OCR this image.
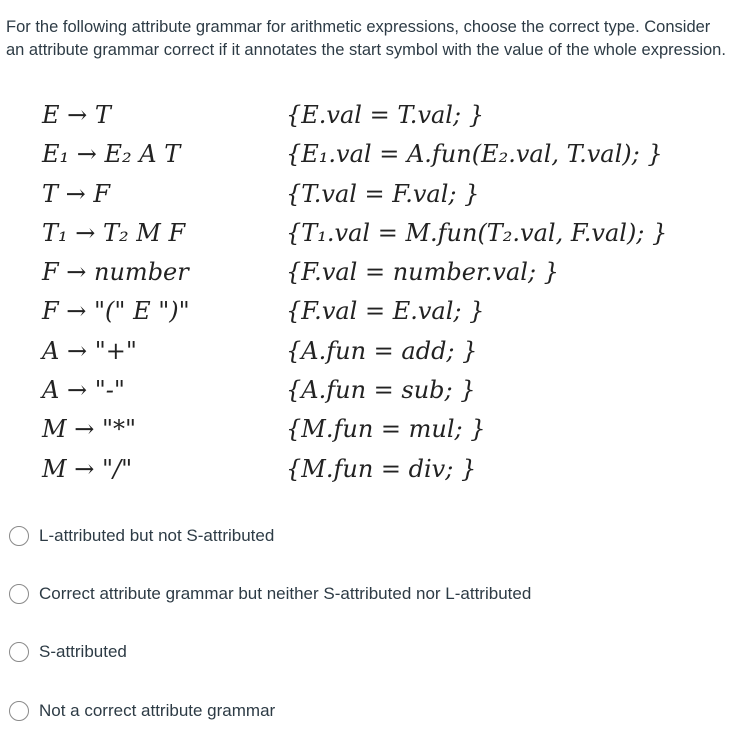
For the following attribute grammar for arithmetic expressions, choose the correct type. Consider an attribute grammar correct if it annotates the start symbol with the value of the whole expression.
E → T	{E.val = T.val; }
E₁ → E₂ A T	{E₁.val = A.fun(E₂.val, T.val); }
T → F	{T.val = F.val; }
T₁ → T₂ M F	{T₁.val = M.fun(T₂.val, F.val); }
F → number	{F.val = number.val; }
F → "(" E ")"	{F.val = E.val; }
A → "+"	{A.fun = add; }
A → "-"	{A.fun = sub; }
M → "*"	{M.fun = mul; }
M → "/"	{M.fun = div; }
L-attributed but not S-attributed
Correct attribute grammar but neither S-attributed nor L-attributed
S-attributed
Not a correct attribute grammar
